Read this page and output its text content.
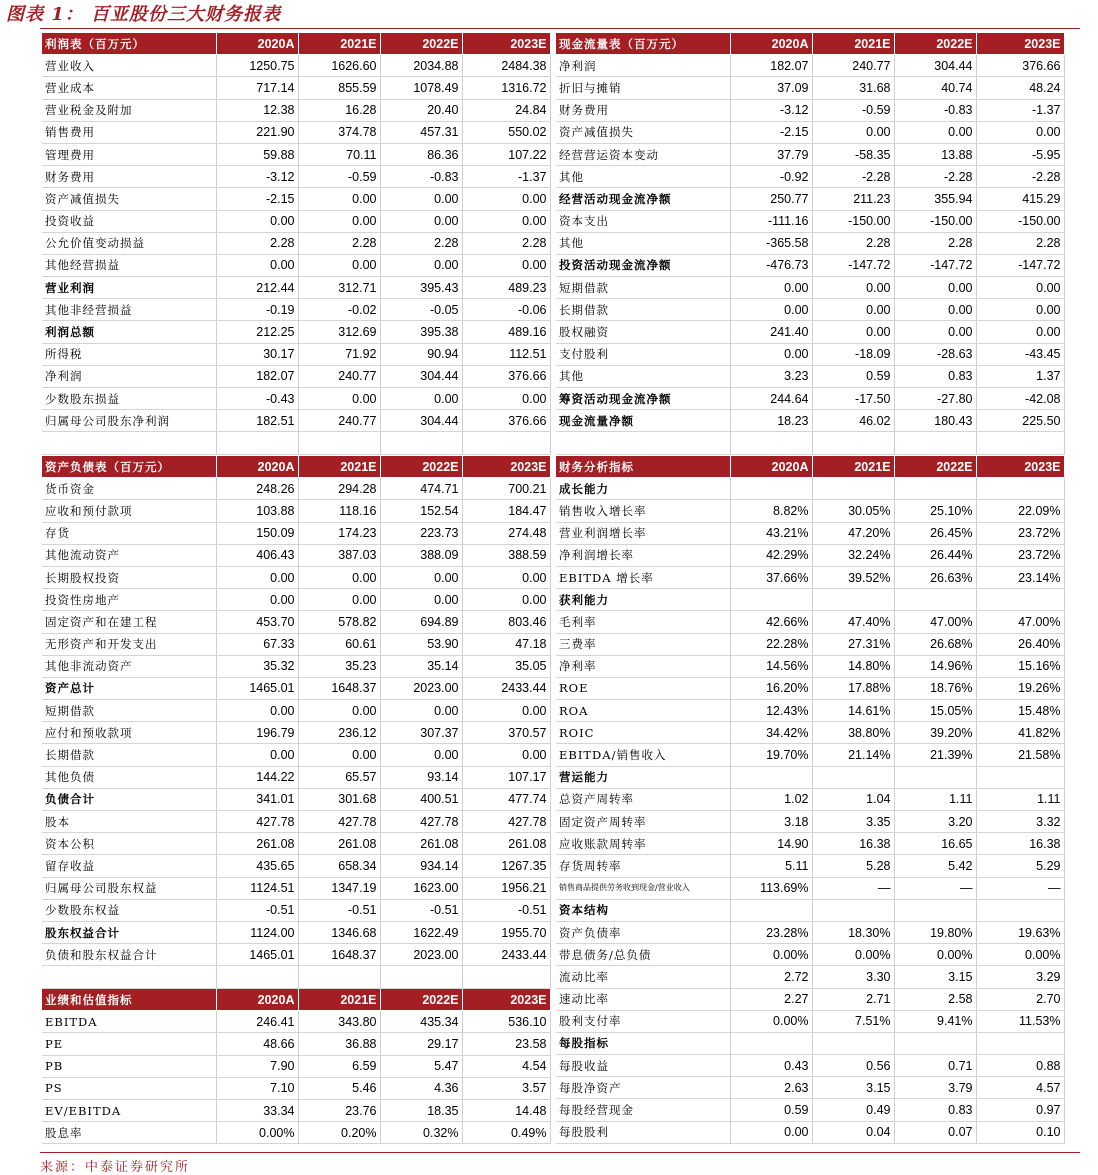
图表 1： 百亚股份三大财务报表
利润表（百万元）	2020A	2021E	2022E	2023E
营业收入	1250.75	1626.60	2034.88	2484.38
营业成本	717.14	855.59	1078.49	1316.72
营业税金及附加	12.38	16.28	20.40	24.84
销售费用	221.90	374.78	457.31	550.02
管理费用	59.88	70.11	86.36	107.22
财务费用	-3.12	-0.59	-0.83	-1.37
资产减值损失	-2.15	0.00	0.00	0.00
投资收益	0.00	0.00	0.00	0.00
公允价值变动损益	2.28	2.28	2.28	2.28
其他经营损益	0.00	0.00	0.00	0.00
营业利润	212.44	312.71	395.43	489.23
其他非经营损益	-0.19	-0.02	-0.05	-0.06
利润总额	212.25	312.69	395.38	489.16
所得税	30.17	71.92	90.94	112.51
净利润	182.07	240.77	304.44	376.66
少数股东损益	-0.43	0.00	0.00	0.00
归属母公司股东净利润	182.51	240.77	304.44	376.66

现金流量表（百万元）	2020A	2021E	2022E	2023E
净利润	182.07	240.77	304.44	376.66
折旧与摊销	37.09	31.68	40.74	48.24
财务费用	-3.12	-0.59	-0.83	-1.37
资产减值损失	-2.15	0.00	0.00	0.00
经营营运资本变动	37.79	-58.35	13.88	-5.95
其他	-0.92	-2.28	-2.28	-2.28
经营活动现金流净额	250.77	211.23	355.94	415.29
资本支出	-111.16	-150.00	-150.00	-150.00
其他	-365.58	2.28	2.28	2.28
投资活动现金流净额	-476.73	-147.72	-147.72	-147.72
短期借款	0.00	0.00	0.00	0.00
长期借款	0.00	0.00	0.00	0.00
股权融资	241.40	0.00	0.00	0.00
支付股利	0.00	-18.09	-28.63	-43.45
其他	3.23	0.59	0.83	1.37
筹资活动现金流净额	244.64	-17.50	-27.80	-42.08
现金流量净额	18.23	46.02	180.43	225.50

资产负债表（百万元）	2020A	2021E	2022E	2023E
货币资金	248.26	294.28	474.71	700.21
应收和预付款项	103.88	118.16	152.54	184.47
存货	150.09	174.23	223.73	274.48
其他流动资产	406.43	387.03	388.09	388.59
长期股权投资	0.00	0.00	0.00	0.00
投资性房地产	0.00	0.00	0.00	0.00
固定资产和在建工程	453.70	578.82	694.89	803.46
无形资产和开发支出	67.33	60.61	53.90	47.18
其他非流动资产	35.32	35.23	35.14	35.05
资产总计	1465.01	1648.37	2023.00	2433.44
短期借款	0.00	0.00	0.00	0.00
应付和预收款项	196.79	236.12	307.37	370.57
长期借款	0.00	0.00	0.00	0.00
其他负债	144.22	65.57	93.14	107.17
负债合计	341.01	301.68	400.51	477.74
股本	427.78	427.78	427.78	427.78
资本公积	261.08	261.08	261.08	261.08
留存收益	435.65	658.34	934.14	1267.35
归属母公司股东权益	1124.51	1347.19	1623.00	1956.21
少数股东权益	-0.51	-0.51	-0.51	-0.51
股东权益合计	1124.00	1346.68	1622.49	1955.70
负债和股东权益合计	1465.01	1648.37	2023.00	2433.44

业绩和估值指标	2020A	2021E	2022E	2023E
EBITDA	246.41	343.80	435.34	536.10
PE	48.66	36.88	29.17	23.58
PB	7.90	6.59	5.47	4.54
PS	7.10	5.46	4.36	3.57
EV/EBITDA	33.34	23.76	18.35	14.48
股息率	0.00%	0.20%	0.32%	0.49%
财务分析指标	2020A	2021E	2022E	2023E
成长能力				
销售收入增长率	8.82%	30.05%	25.10%	22.09%
营业利润增长率	43.21%	47.20%	26.45%	23.72%
净利润增长率	42.29%	32.24%	26.44%	23.72%
EBITDA 增长率	37.66%	39.52%	26.63%	23.14%
获利能力				
毛利率	42.66%	47.40%	47.00%	47.00%
三费率	22.28%	27.31%	26.68%	26.40%
净利率	14.56%	14.80%	14.96%	15.16%
ROE	16.20%	17.88%	18.76%	19.26%
ROA	12.43%	14.61%	15.05%	15.48%
ROIC	34.42%	38.80%	39.20%	41.82%
EBITDA/销售收入	19.70%	21.14%	21.39%	21.58%
营运能力				
总资产周转率	1.02	1.04	1.11	1.11
固定资产周转率	3.18	3.35	3.20	3.32
应收账款周转率	14.90	16.38	16.65	16.38
存货周转率	5.11	5.28	5.42	5.29
销售商品提供劳务收到现金/营业收入	113.69%	—	—	—
资本结构				
资产负债率	23.28%	18.30%	19.80%	19.63%
带息债务/总负债	0.00%	0.00%	0.00%	0.00%
流动比率	2.72	3.30	3.15	3.29
速动比率	2.27	2.71	2.58	2.70
股利支付率	0.00%	7.51%	9.41%	11.53%
每股指标				
每股收益	0.43	0.56	0.71	0.88
每股净资产	2.63	3.15	3.79	4.57
每股经营现金	0.59	0.49	0.83	0.97
每股股利	0.00	0.04	0.07	0.10
来源：中泰证券研究所
